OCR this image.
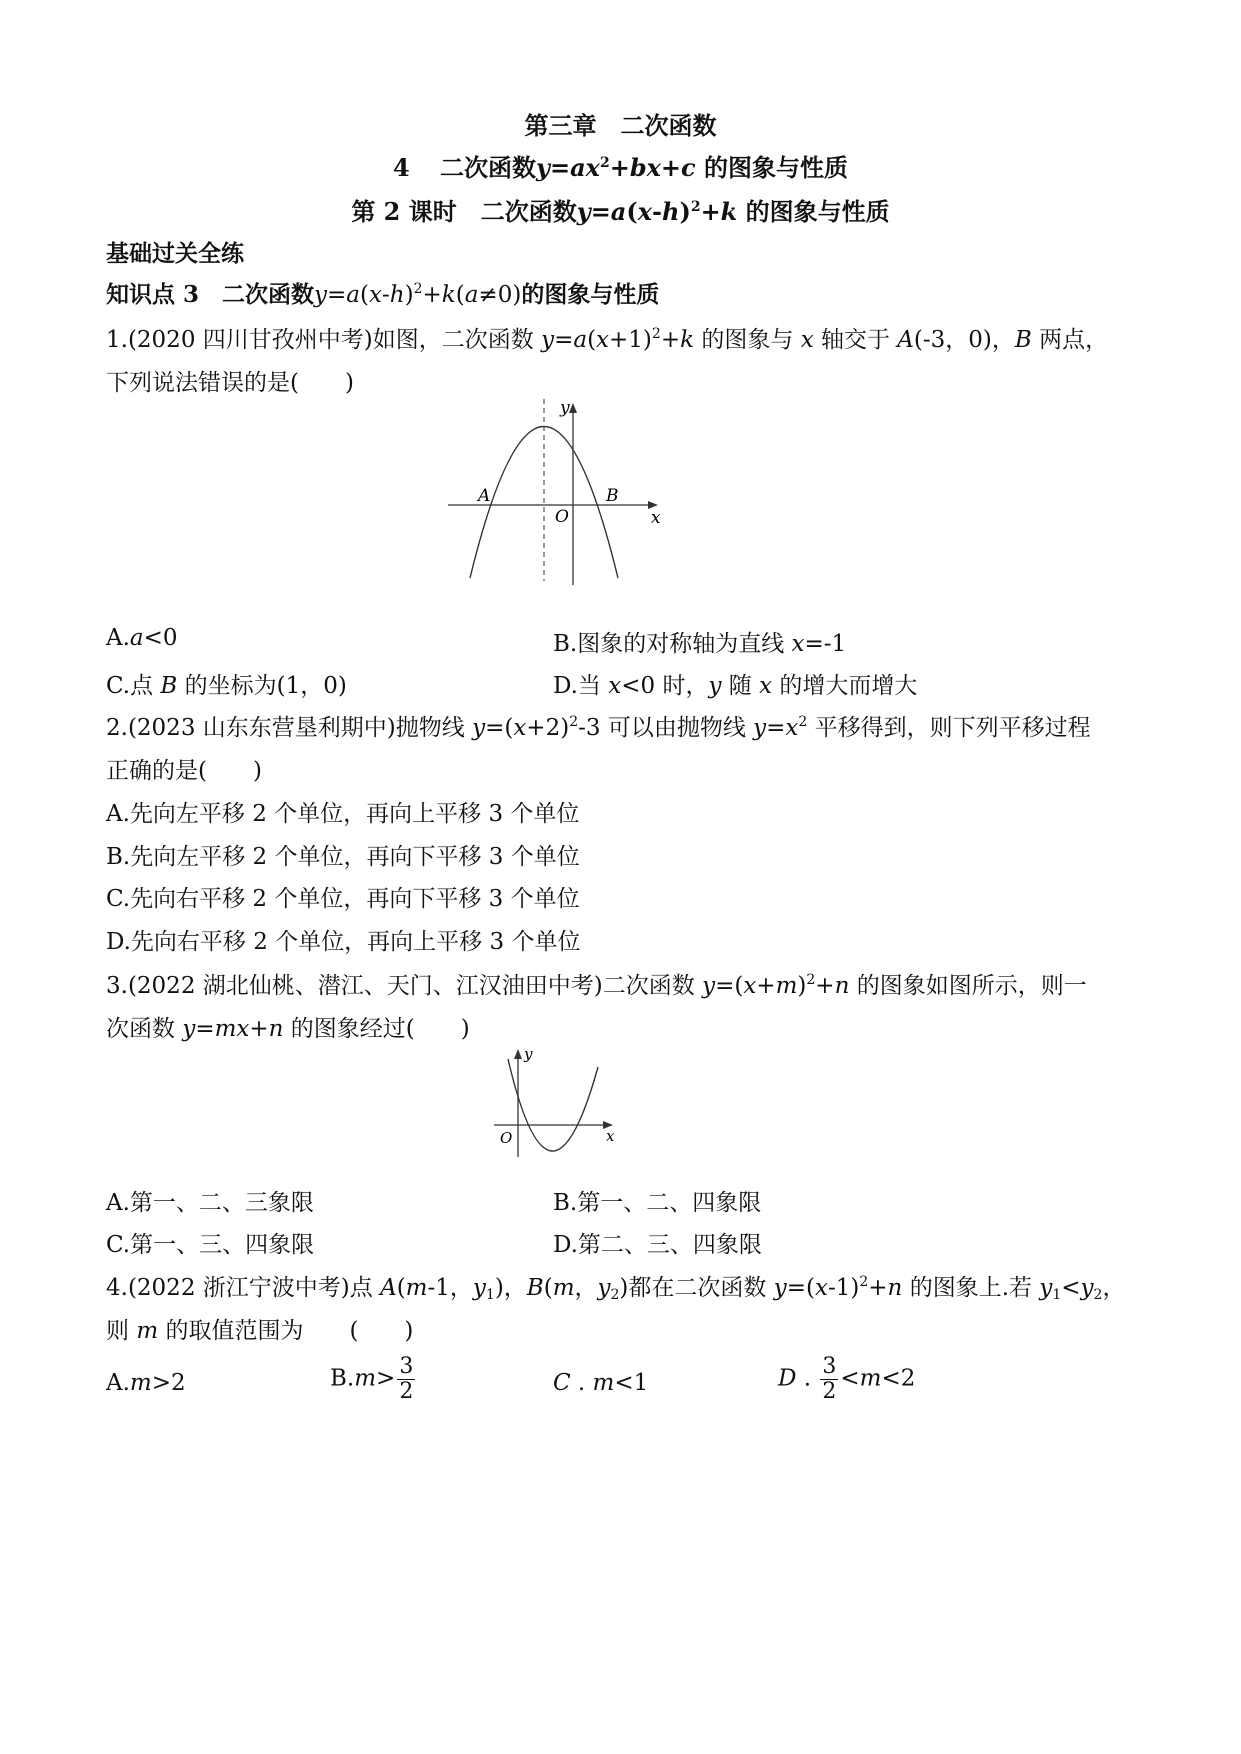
第三章　二次函数
4 二次函数$y=ax^2+bx+c$ 的图象与性质
第 2 课时　二次函数$y=a(x-h)^2+k$ 的图象与性质
基础过关全练
知识点 3　二次函数$y=a(x-h)^2+k(a\ne 0)$的图象与性质
1.(2020 四川甘孜州中考)如图，二次函数 $y=a(x+1)^2+k$ 的图象与 x 轴交于 A(-3，0)，B 两点，
下列说法错误的是(　　)
y
x
O
A	B
A.a<0	B.图象的对称轴为直线 x=-1
C.点 B 的坐标为(1，0)	D.当 x<0 时，y 随 x 的增大而增大
2.(2023 山东东营垦利期中)抛物线 $y=(x+2)^2-3$ 可以由抛物线 $y=x^2$ 平移得到，则下列平移过程
正确的是(　　)
A.先向左平移 2 个单位，再向上平移 3 个单位
B.先向左平移 2 个单位，再向下平移 3 个单位
C.先向右平移 2 个单位，再向下平移 3 个单位
D.先向右平移 2 个单位，再向上平移 3 个单位
3.(2022 湖北仙桃、潜江、天门、江汉油田中考)二次函数 $y=(x+m)^2+n$ 的图象如图所示，则一
次函数 y=mx+n 的图象经过(　　)
y
x
O
A.第一、二、三象限	B.第一、二、四象限
C.第一、三、四象限	D.第二、三、四象限
4.(2022 浙江宁波中考)点 A(m-1，$y_1$)，B(m，$y_2$)都在二次函数 $y=(x-1)^2+n$ 的图象上.若 $y_1<y_2$，
则 m 的取值范围为　　(　　)
A.m>2	$B.m> \frac{3}{2}$	C . m<1	D . $\frac{3}{2} <m<2$
